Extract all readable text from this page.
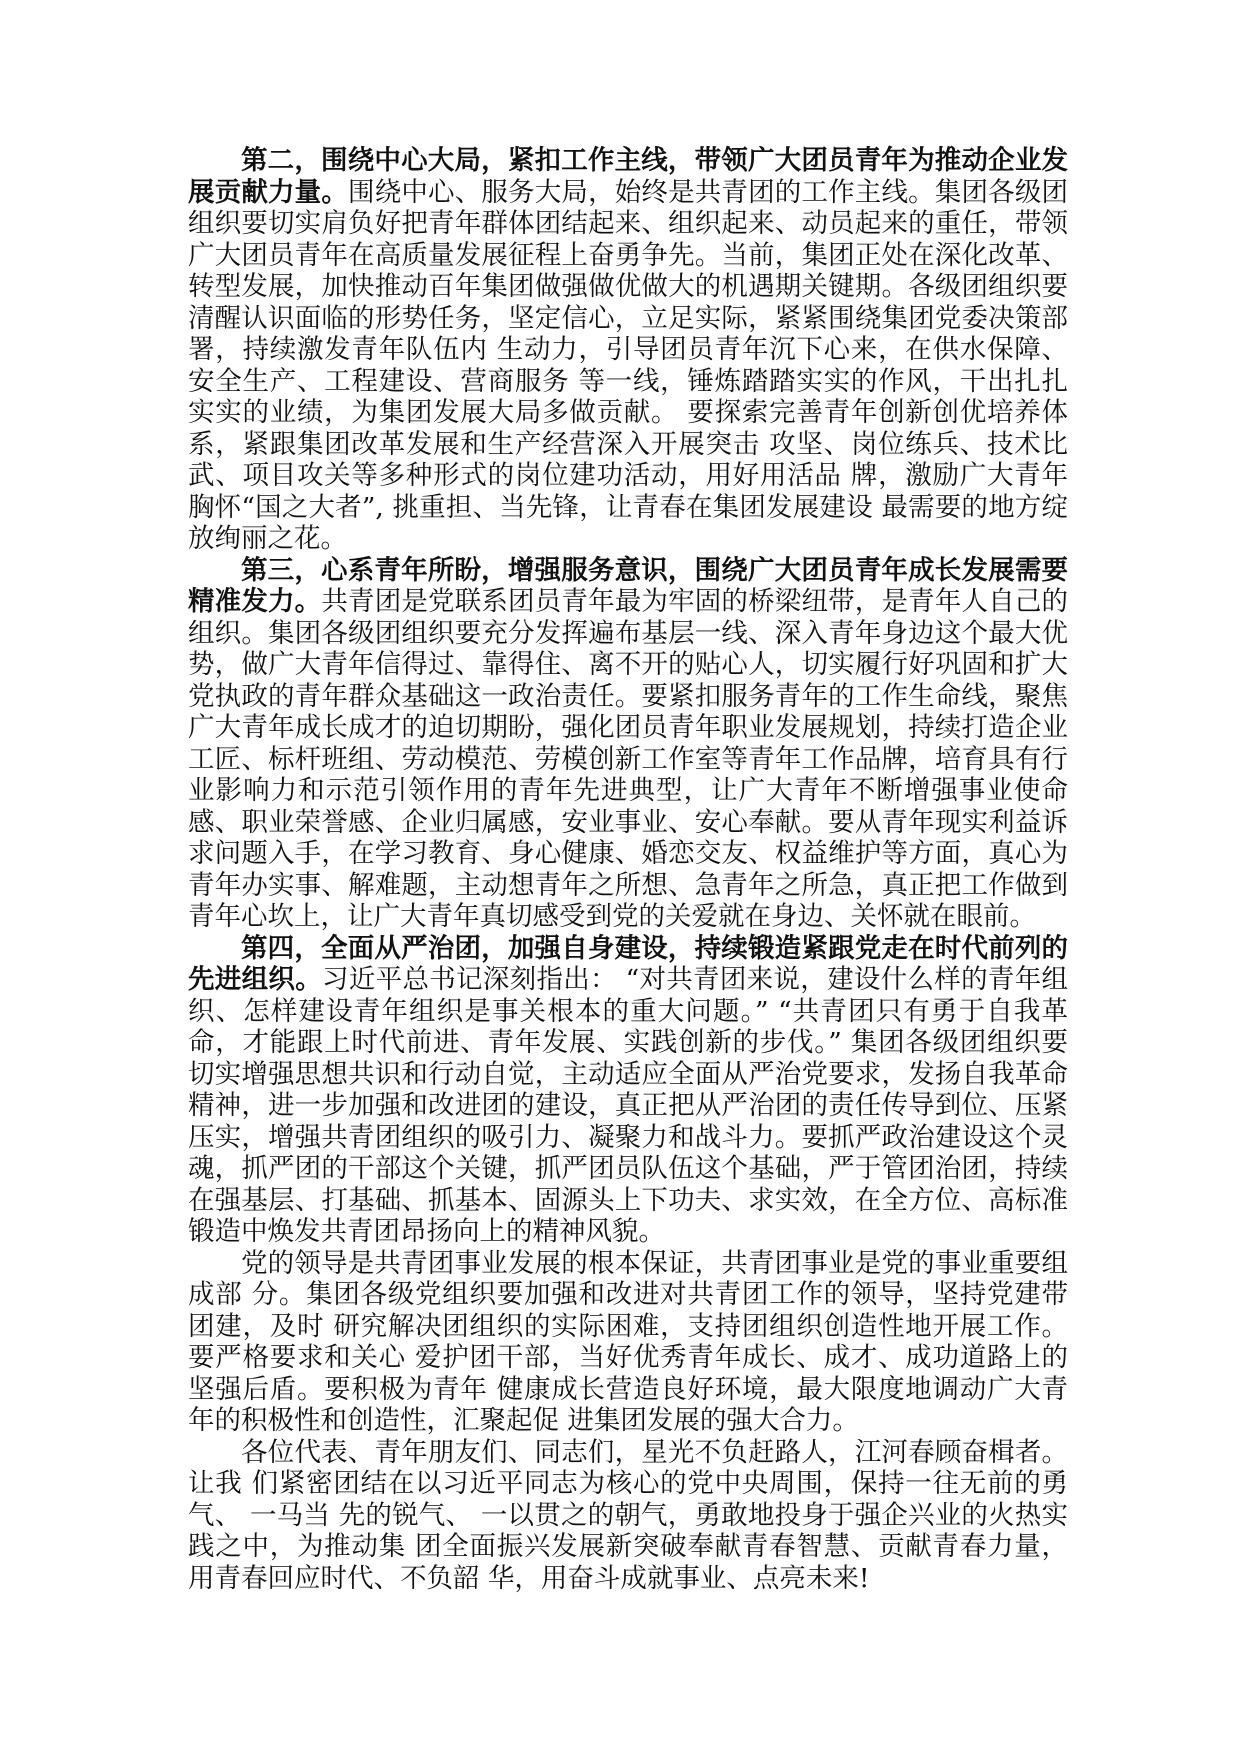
第二，围绕中心大局，紧扣工作主线，带领广大团员青年为推动企业发展贡献力量。围绕中心、服务大局，始终是共青团的工作主线。集团各级团组织要切实肩负好把青年群体团结起来、组织起来、动员起来的重任，带领广大团员青年在高质量发展征程上奋勇争先。当前，集团正处在深化改革、转型发展，加快推动百年集团做强做优做大的机遇期关键期。各级团组织要清醒认识面临的形势任务，坚定信心，立足实际，紧紧围绕集团党委决策部署，持续激发青年队伍内 生动力，引导团员青年沉下心来，在供水保障、安全生产、工程建设、营商服务 等一线，锤炼踏踏实实的作风，干出扎扎实实的业绩，为集团发展大局多做贡献。 要探索完善青年创新创优培养体系，紧跟集团改革发展和生产经营深入开展突击 攻坚、岗位练兵、技术比武、项目攻关等多种形式的岗位建功活动，用好用活品 牌，激励广大青年胸怀“国之大者”, 挑重担、当先锋，让青春在集团发展建设 最需要的地方绽放绚丽之花。

第三，心系青年所盼，增强服务意识，围绕广大团员青年成长发展需要精准发力。共青团是党联系团员青年最为牢固的桥梁纽带，是青年人自己的组织。集团各级团组织要充分发挥遍布基层一线、深入青年身边这个最大优势，做广大青年信得过、靠得住、离不开的贴心人，切实履行好巩固和扩大党执政的青年群众基础这一政治责任。要紧扣服务青年的工作生命线，聚焦广大青年成长成才的迫切期盼，强化团员青年职业发展规划，持续打造企业工匠、标杆班组、劳动模范、劳模创新工作室等青年工作品牌，培育具有行业影响力和示范引领作用的青年先进典型，让广大青年不断增强事业使命感、职业荣誉感、企业归属感，安业事业、安心奉献。要从青年现实利益诉求问题入手，在学习教育、身心健康、婚恋交友、权益维护等方面，真心为青年办实事、解难题，主动想青年之所想、急青年之所急，真正把工作做到青年心坎上，让广大青年真切感受到党的关爱就在身边、关怀就在眼前。

第四，全面从严治团，加强自身建设，持续锻造紧跟党走在时代前列的先进组织。习近平总书记深刻指出： “对共青团来说，建设什么样的青年组织、怎样建设青年组织是事关根本的重大问题。” “共青团只有勇于自我革命，才能跟上时代前进、青年发展、实践创新的步伐。” 集团各级团组织要切实增强思想共识和行动自觉，主动适应全面从严治党要求，发扬自我革命精神，进一步加强和改进团的建设，真正把从严治团的责任传导到位、压紧压实，增强共青团组织的吸引力、凝聚力和战斗力。要抓严政治建设这个灵魂，抓严团的干部这个关键，抓严团员队伍这个基础，严于管团治团，持续在强基层、打基础、抓基本、固源头上下功夫、求实效，在全方位、高标准锻造中焕发共青团昂扬向上的精神风貌。

党的领导是共青团事业发展的根本保证，共青团事业是党的事业重要组成部 分。集团各级党组织要加强和改进对共青团工作的领导，坚持党建带团建，及时 研究解决团组织的实际困难，支持团组织创造性地开展工作。要严格要求和关心 爱护团干部，当好优秀青年成长、成才、成功道路上的坚强后盾。要积极为青年 健康成长营造良好环境，最大限度地调动广大青年的积极性和创造性，汇聚起促 进集团发展的强大合力。

各位代表、青年朋友们、同志们，星光不负赶路人，江河春顾奋楫者。让我 们紧密团结在以习近平同志为核心的党中央周围，保持一往无前的勇气、 一马当 先的锐气、 一以贯之的朝气，勇敢地投身于强企兴业的火热实践之中，为推动集 团全面振兴发展新突破奉献青春智慧、贡献青春力量，用青春回应时代、不负韶 华，用奋斗成就事业、点亮未来!
